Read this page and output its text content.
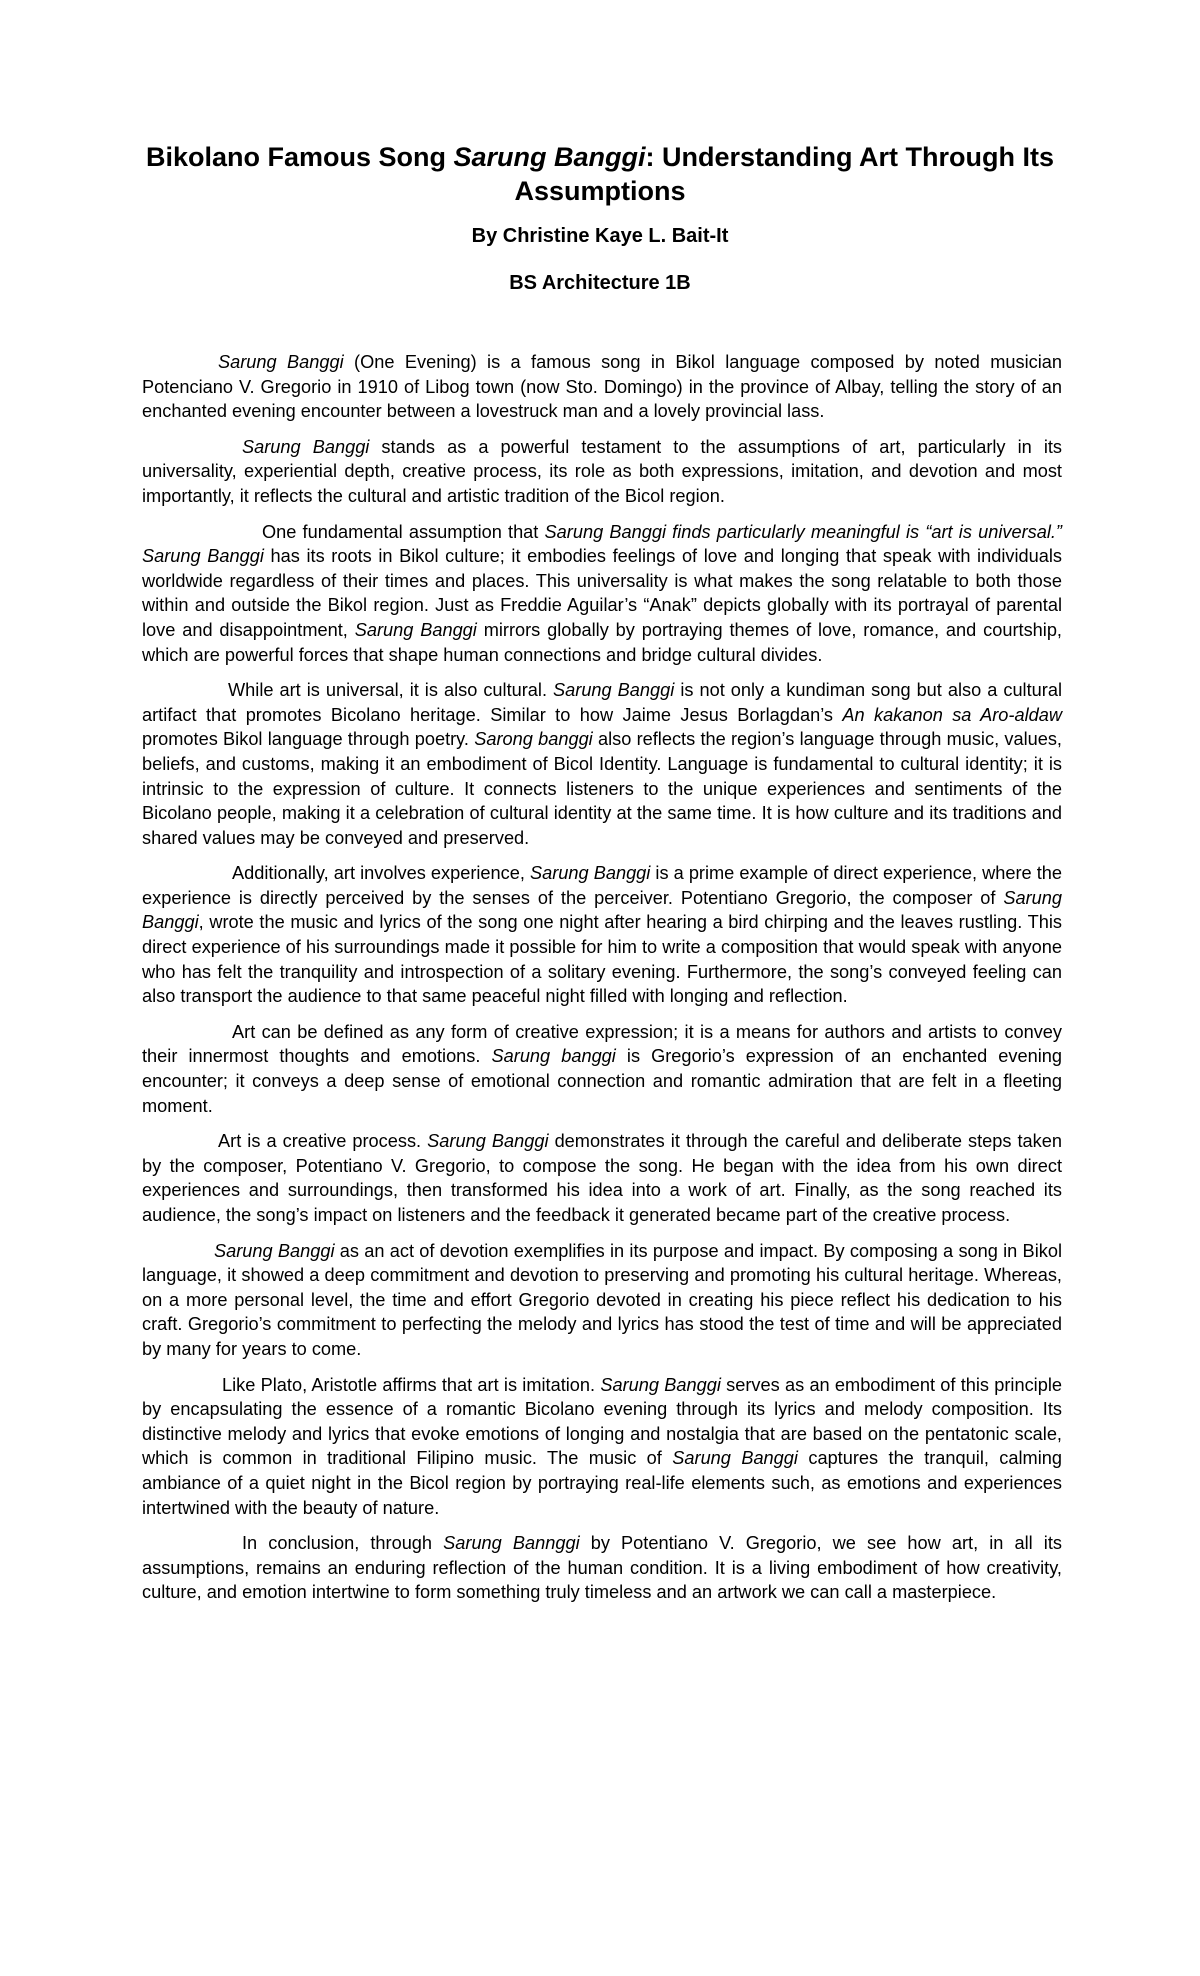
Bikolano Famous Song Sarung Banggi: Understanding Art Through Its Assumptions

By Christine Kaye L. Bait-It

BS Architecture 1B

Sarung Banggi (One Evening) is a famous song in Bikol language composed by noted musician Potenciano V. Gregorio in 1910 of Libog town (now Sto. Domingo) in the province of Albay, telling the story of an enchanted evening encounter between a lovestruck man and a lovely provincial lass.

Sarung Banggi stands as a powerful testament to the assumptions of art, particularly in its universality, experiential depth, creative process, its role as both expressions, imitation, and devotion and most importantly, it reflects the cultural and artistic tradition of the Bicol region.

One fundamental assumption that Sarung Banggi finds particularly meaningful is “art is universal.” Sarung Banggi has its roots in Bikol culture; it embodies feelings of love and longing that speak with individuals worldwide regardless of their times and places. This universality is what makes the song relatable to both those within and outside the Bikol region. Just as Freddie Aguilar’s “Anak” depicts globally with its portrayal of parental love and disappointment, Sarung Banggi mirrors globally by portraying themes of love, romance, and courtship, which are powerful forces that shape human connections and bridge cultural divides.

While art is universal, it is also cultural. Sarung Banggi is not only a kundiman song but also a cultural artifact that promotes Bicolano heritage. Similar to how Jaime Jesus Borlagdan’s An kakanon sa Aro-aldaw promotes Bikol language through poetry. Sarong banggi also reflects the region’s language through music, values, beliefs, and customs, making it an embodiment of Bicol Identity. Language is fundamental to cultural identity; it is intrinsic to the expression of culture. It connects listeners to the unique experiences and sentiments of the Bicolano people, making it a celebration of cultural identity at the same time. It is how culture and its traditions and shared values may be conveyed and preserved.

Additionally, art involves experience, Sarung Banggi is a prime example of direct experience, where the experience is directly perceived by the senses of the perceiver. Potentiano Gregorio, the composer of Sarung Banggi, wrote the music and lyrics of the song one night after hearing a bird chirping and the leaves rustling. This direct experience of his surroundings made it possible for him to write a composition that would speak with anyone who has felt the tranquility and introspection of a solitary evening. Furthermore, the song’s conveyed feeling can also transport the audience to that same peaceful night filled with longing and reflection.

Art can be defined as any form of creative expression; it is a means for authors and artists to convey their innermost thoughts and emotions. Sarung banggi is Gregorio’s expression of an enchanted evening encounter; it conveys a deep sense of emotional connection and romantic admiration that are felt in a fleeting moment.

Art is a creative process. Sarung Banggi demonstrates it through the careful and deliberate steps taken by the composer, Potentiano V. Gregorio, to compose the song. He began with the idea from his own direct experiences and surroundings, then transformed his idea into a work of art. Finally, as the song reached its audience, the song’s impact on listeners and the feedback it generated became part of the creative process.

Sarung Banggi as an act of devotion exemplifies in its purpose and impact. By composing a song in Bikol language, it showed a deep commitment and devotion to preserving and promoting his cultural heritage. Whereas, on a more personal level, the time and effort Gregorio devoted in creating his piece reflect his dedication to his craft. Gregorio’s commitment to perfecting the melody and lyrics has stood the test of time and will be appreciated by many for years to come.

Like Plato, Aristotle affirms that art is imitation. Sarung Banggi serves as an embodiment of this principle by encapsulating the essence of a romantic Bicolano evening through its lyrics and melody composition. Its distinctive melody and lyrics that evoke emotions of longing and nostalgia that are based on the pentatonic scale, which is common in traditional Filipino music. The music of Sarung Banggi captures the tranquil, calming ambiance of a quiet night in the Bicol region by portraying real-life elements such, as emotions and experiences intertwined with the beauty of nature.

In conclusion, through Sarung Bannggi by Potentiano V. Gregorio, we see how art, in all its assumptions, remains an enduring reflection of the human condition. It is a living embodiment of how creativity, culture, and emotion intertwine to form something truly timeless and an artwork we can call a masterpiece.
